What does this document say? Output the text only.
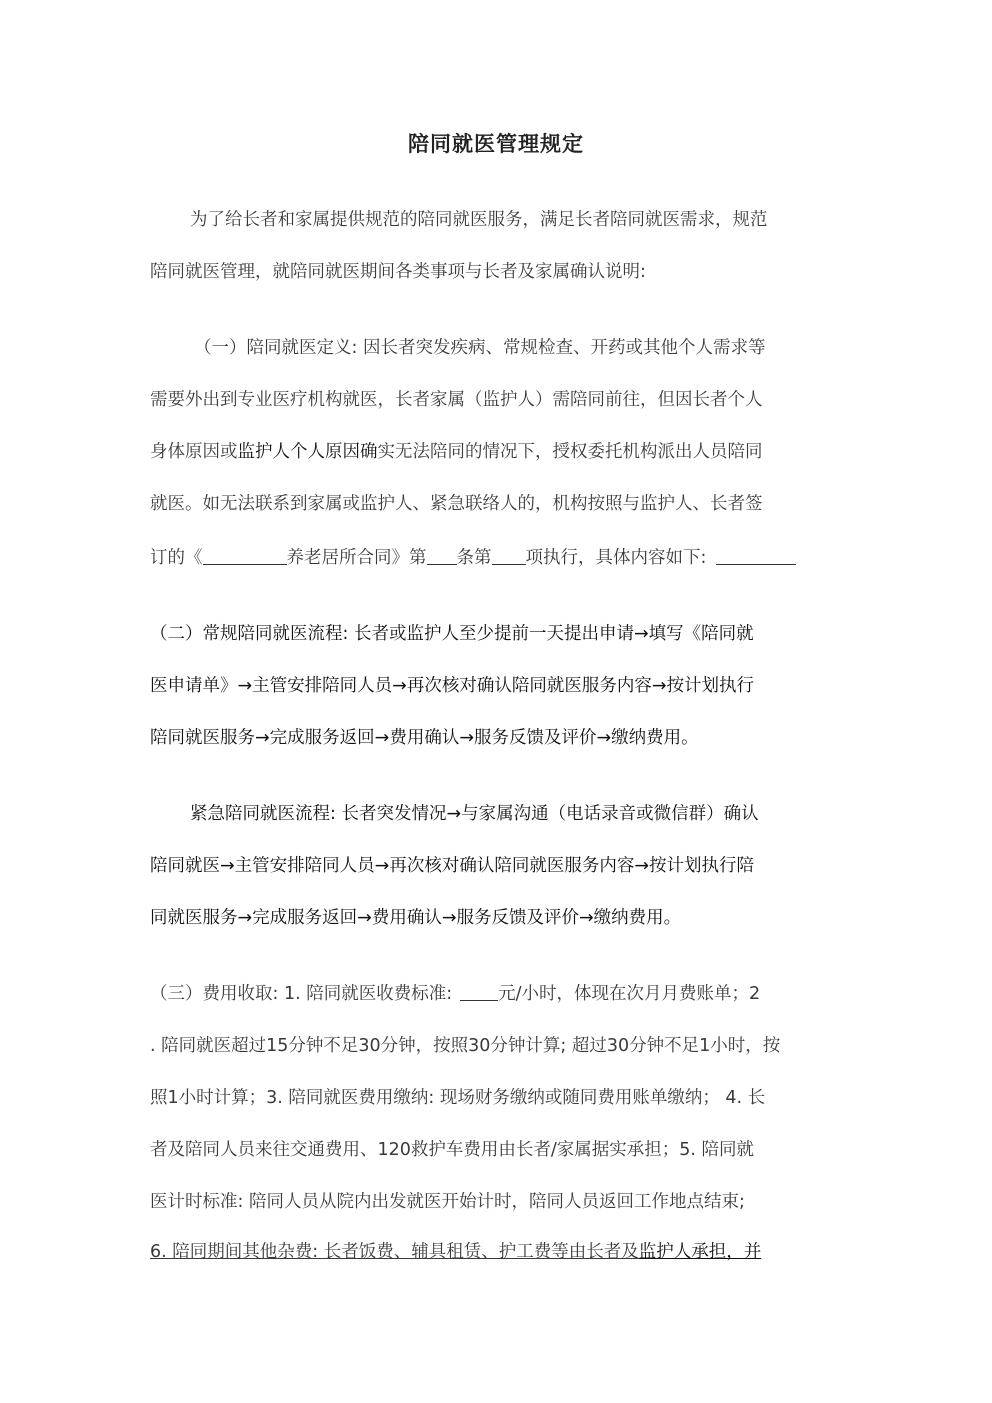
陪同就医管理规定
为了给长者和家属提供规范的陪同就医服务，满足长者陪同就医需求，规范
陪同就医管理，就陪同就医期间各类事项与长者及家属确认说明:
（一）陪同就医定义: 因长者突发疾病、常规检查、开药或其他个人需求等
需要外出到专业医疗机构就医，长者家属（监护人）需陪同前往，但因长者个人
身体原因或监护人个人原因确实无法陪同的情况下，授权委托机构派出人员陪同
就医。如无法联系到家属或监护人、紧急联络人的，机构按照与监护人、长者签
订的《	养老居所合同》第 条第 项执行，具体内容如下:
（二）常规陪同就医流程: 长者或监护人至少提前一天提出申请→填写《陪同就
医申请单》→主管安排陪同人员→再次核对确认陪同就医服务内容→按计划执行
陪同就医服务→完成服务返回→费用确认→服务反馈及评价→缴纳费用。
紧急陪同就医流程: 长者突发情况→与家属沟通（电话录音或微信群）确认
陪同就医→主管安排陪同人员→再次核对确认陪同就医服务内容→按计划执行陪
同就医服务→完成服务返回→费用确认→服务反馈及评价→缴纳费用。
（三）费用收取: 1. 陪同就医收费标准:	元/小时，体现在次月月费账单；2
. 陪同就医超过15分钟不足30分钟，按照30分钟计算; 超过30分钟不足1小时，按
照1小时计算；3. 陪同就医费用缴纳: 现场财务缴纳或随同费用账单缴纳； 4. 长
者及陪同人员来往交通费用、120救护车费用由长者/家属据实承担；5. 陪同就
医计时标准: 陪同人员从院内出发就医开始计时，陪同人员返回工作地点结束;
6. 陪同期间其他杂费: 长者饭费、辅具租赁、护工费等由长者及监护人承担，并
